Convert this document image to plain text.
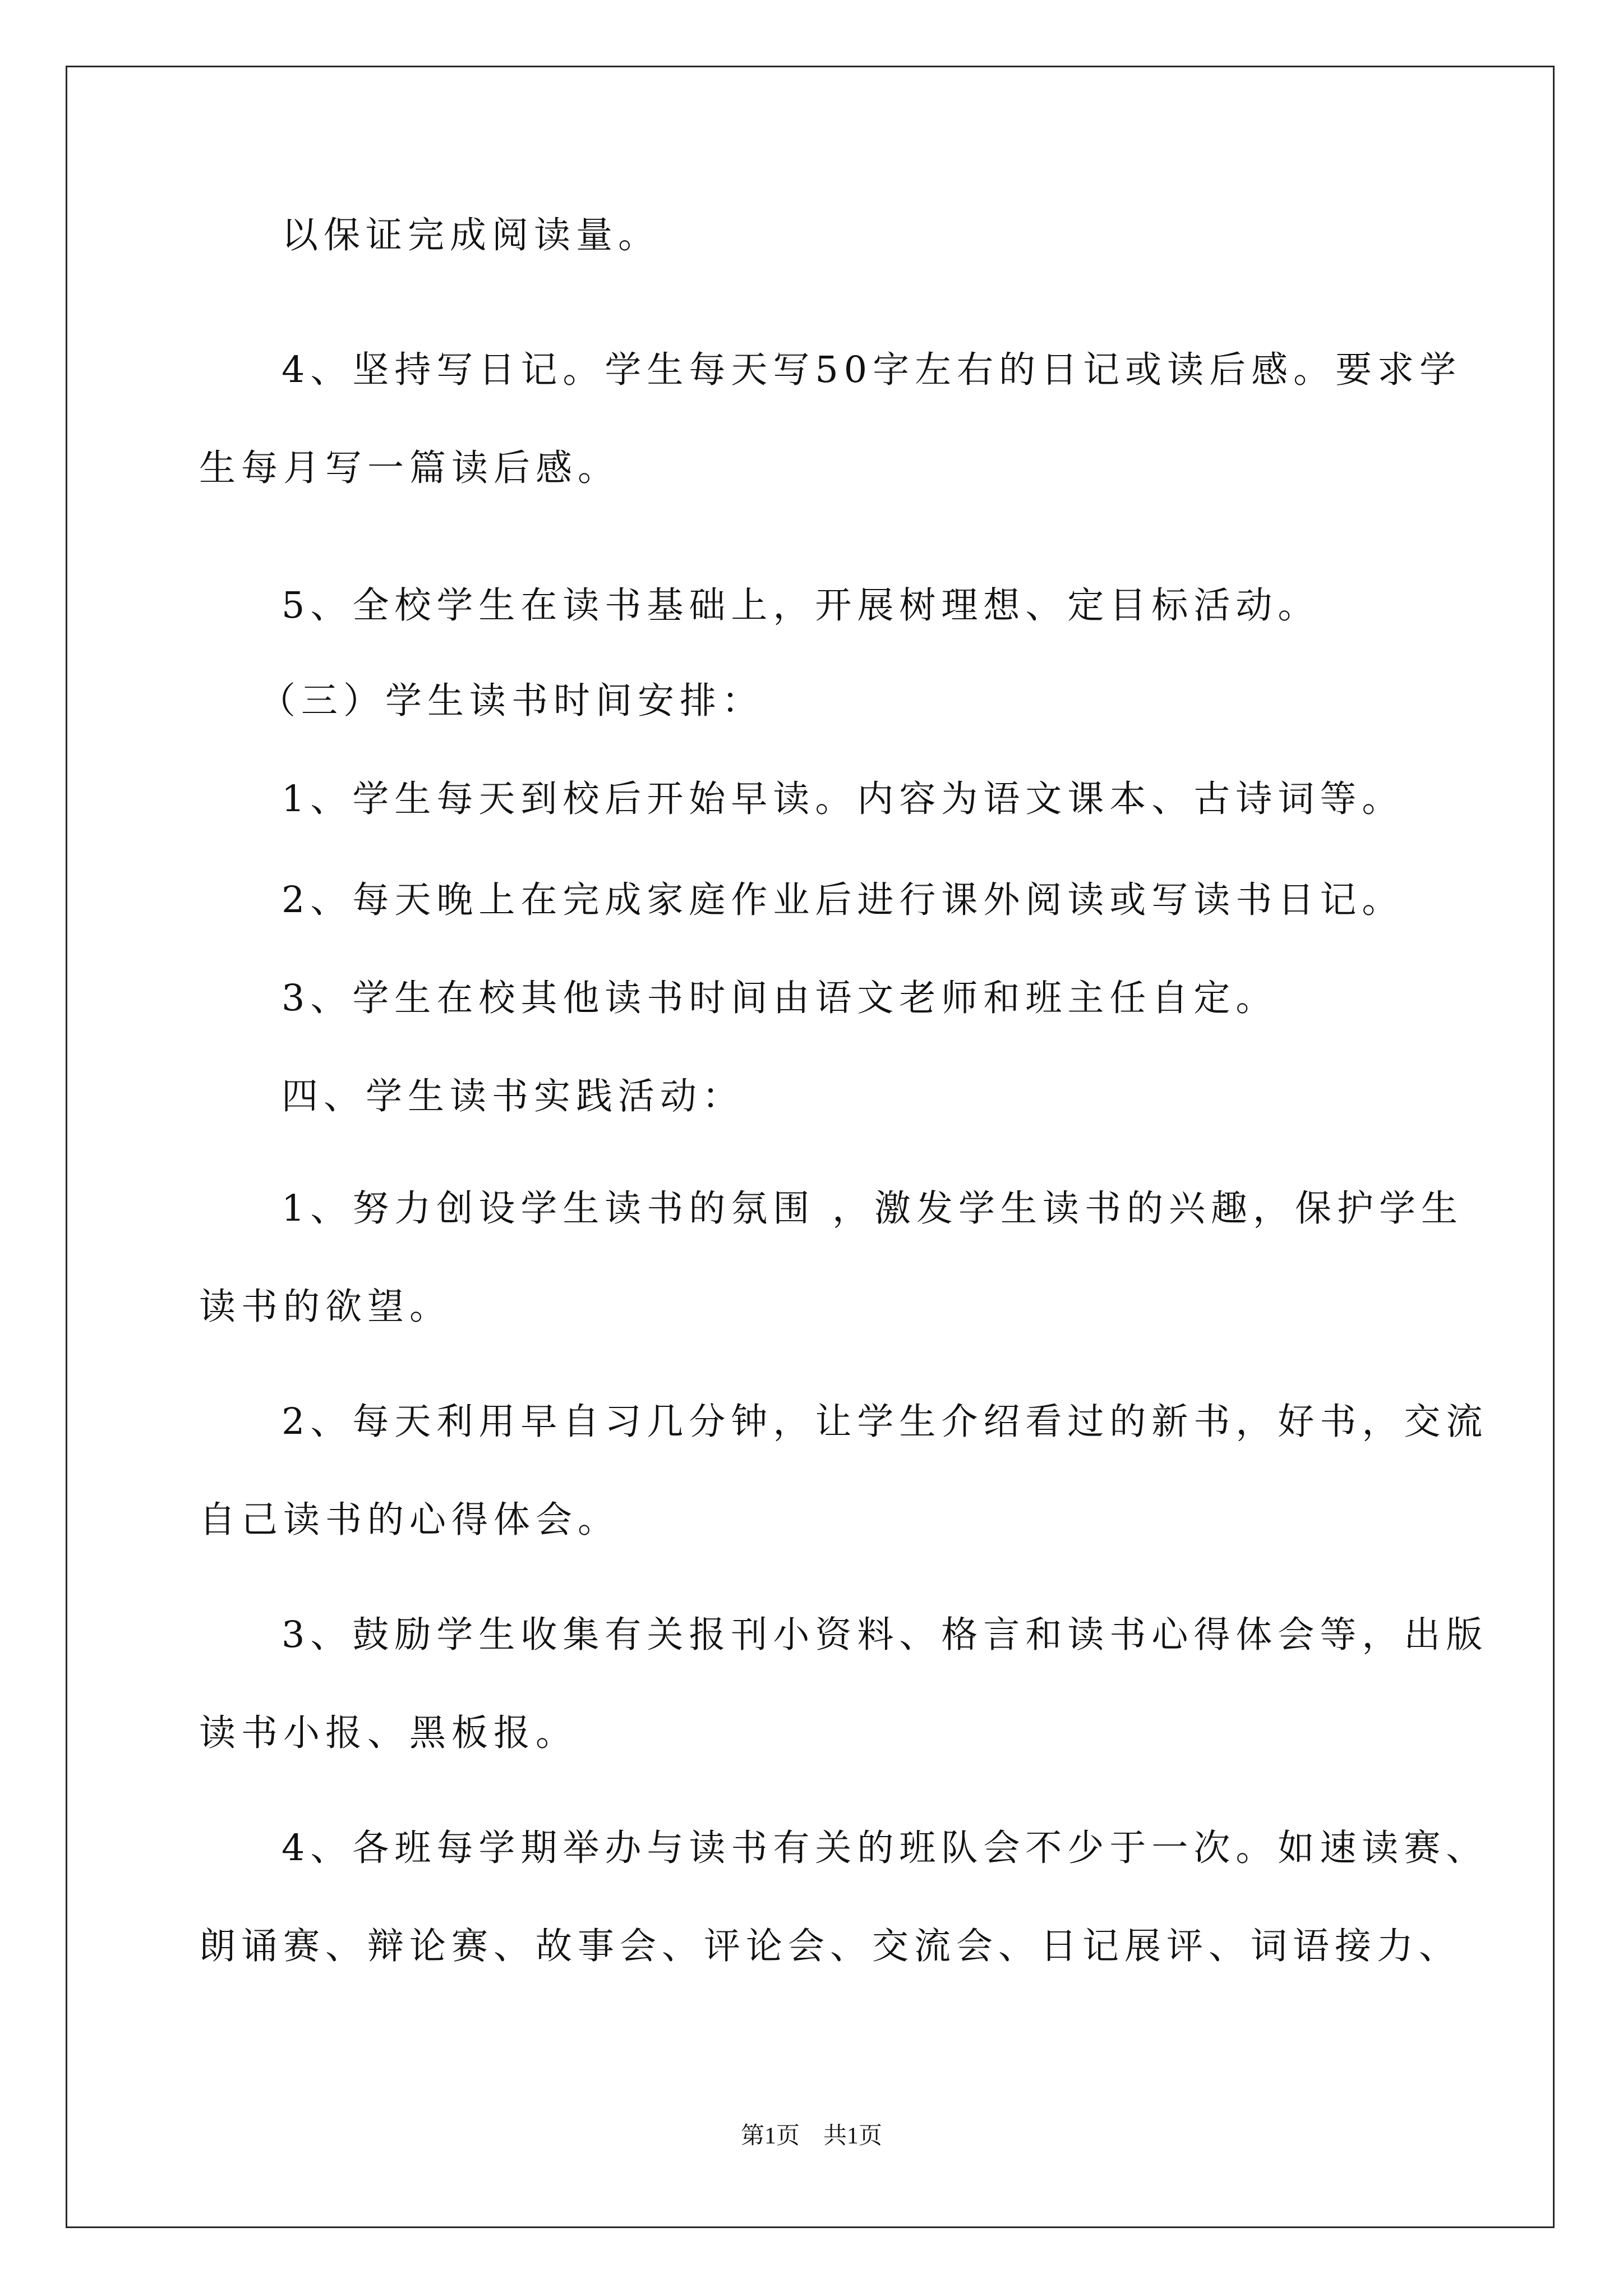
以保证完成阅读量。
4、坚持写日记。学生每天写50字左右的日记或读后感。要求学
生每月写一篇读后感。
5、全校学生在读书基础上，开展树理想、定目标活动。
（三）学生读书时间安排：
1、学生每天到校后开始早读。内容为语文课本、古诗词等。
2、每天晚上在完成家庭作业后进行课外阅读或写读书日记。
3、学生在校其他读书时间由语文老师和班主任自定。
四、学生读书实践活动：
1、努力创设学生读书的氛围 ，激发学生读书的兴趣，保护学生
读书的欲望。
2、每天利用早自习几分钟，让学生介绍看过的新书，好书，交流
自己读书的心得体会。
3、鼓励学生收集有关报刊小资料、格言和读书心得体会等，出版
读书小报、黑板报。
4、各班每学期举办与读书有关的班队会不少于一次。如速读赛、
朗诵赛、辩论赛、故事会、评论会、交流会、日记展评、词语接力、
第1页　共1页
